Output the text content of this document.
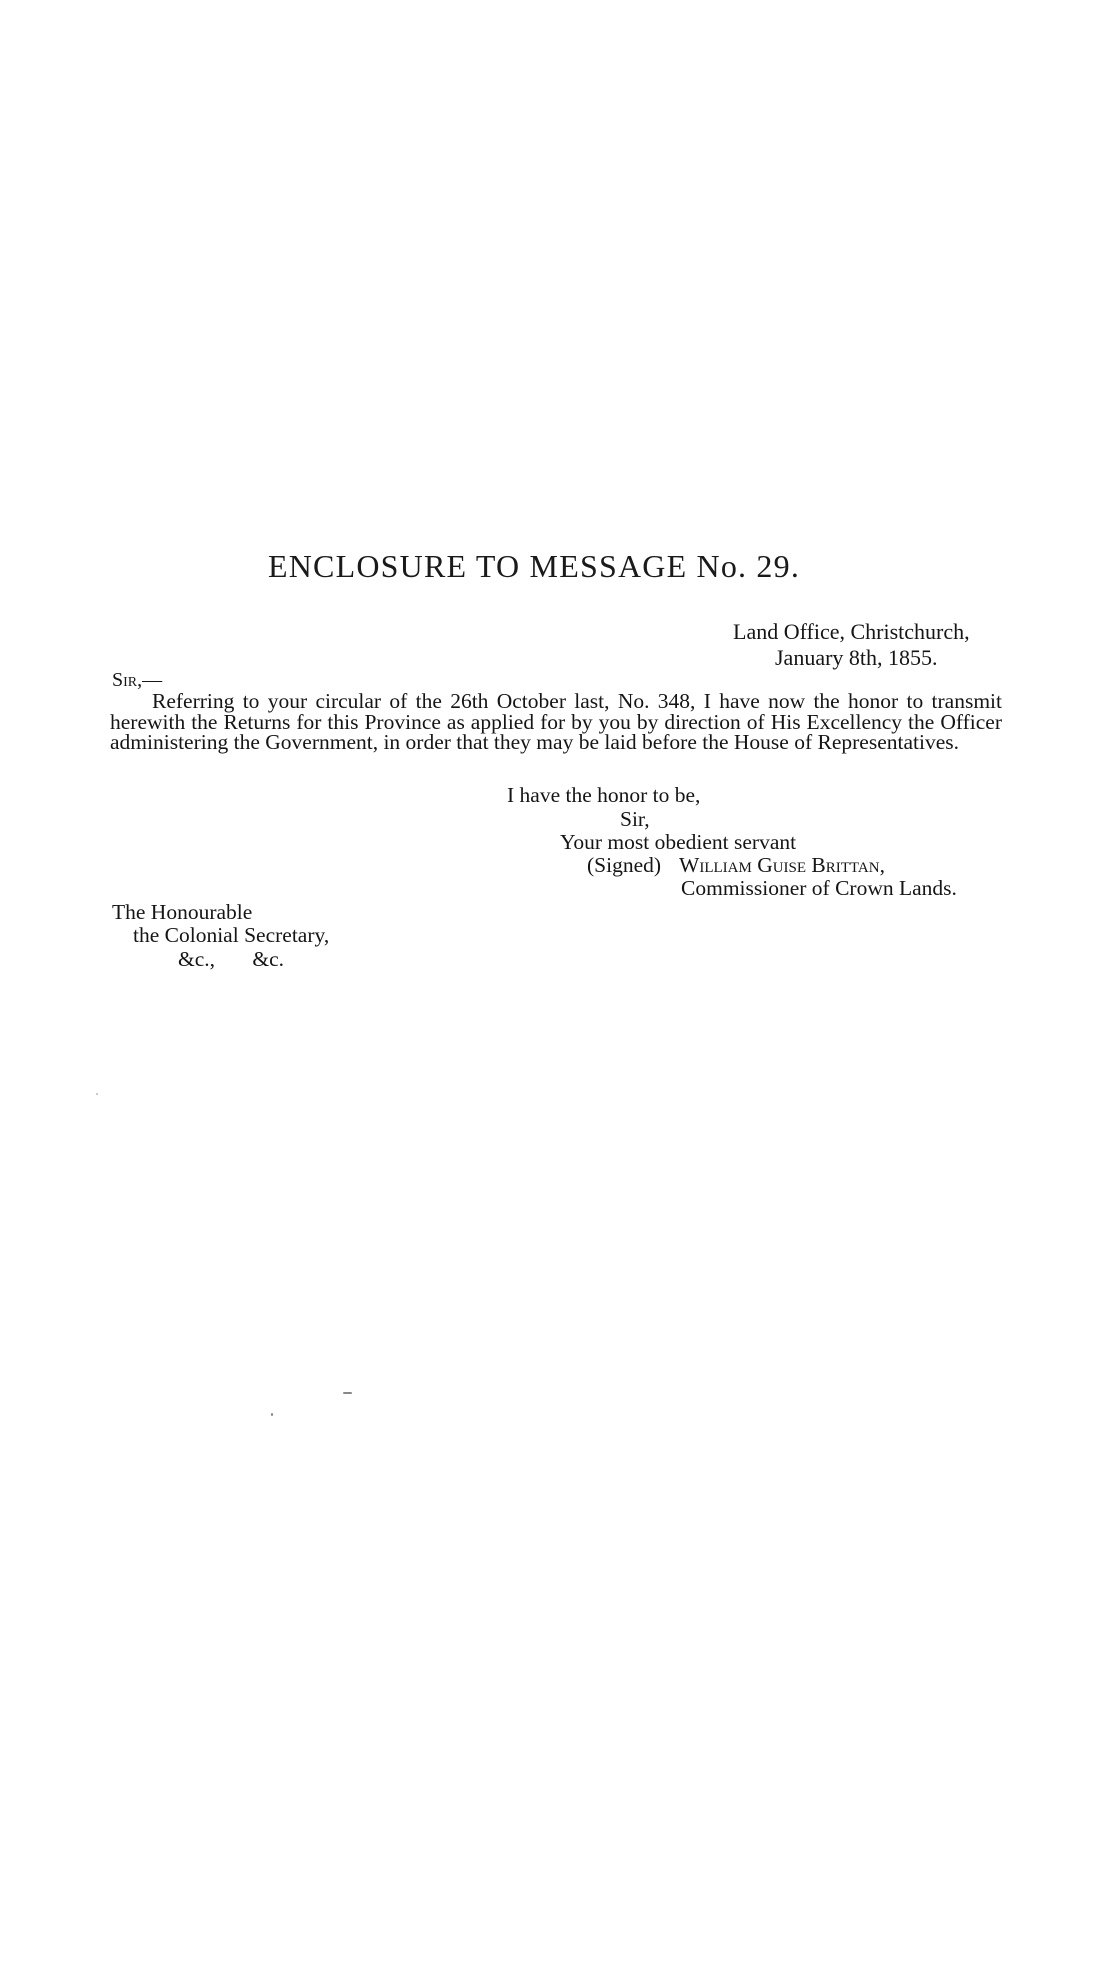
ENCLOSURE TO MESSAGE No. 29.
Land Office, Christchurch,
January 8th, 1855.
Sir,—
Referring to your circular of the 26th October last, No. 348, I have now the honor to transmit herewith the Returns for this Province as applied for by you by direction of His Excellency the Officer administering the Government, in order that they may be laid before the House of Representatives.
I have the honor to be,
Sir,
Your most obedient servant
(Signed) William Guise Brittan,
Commissioner of Crown Lands.
The Honourable
the Colonial Secretary,
&c., &c.
